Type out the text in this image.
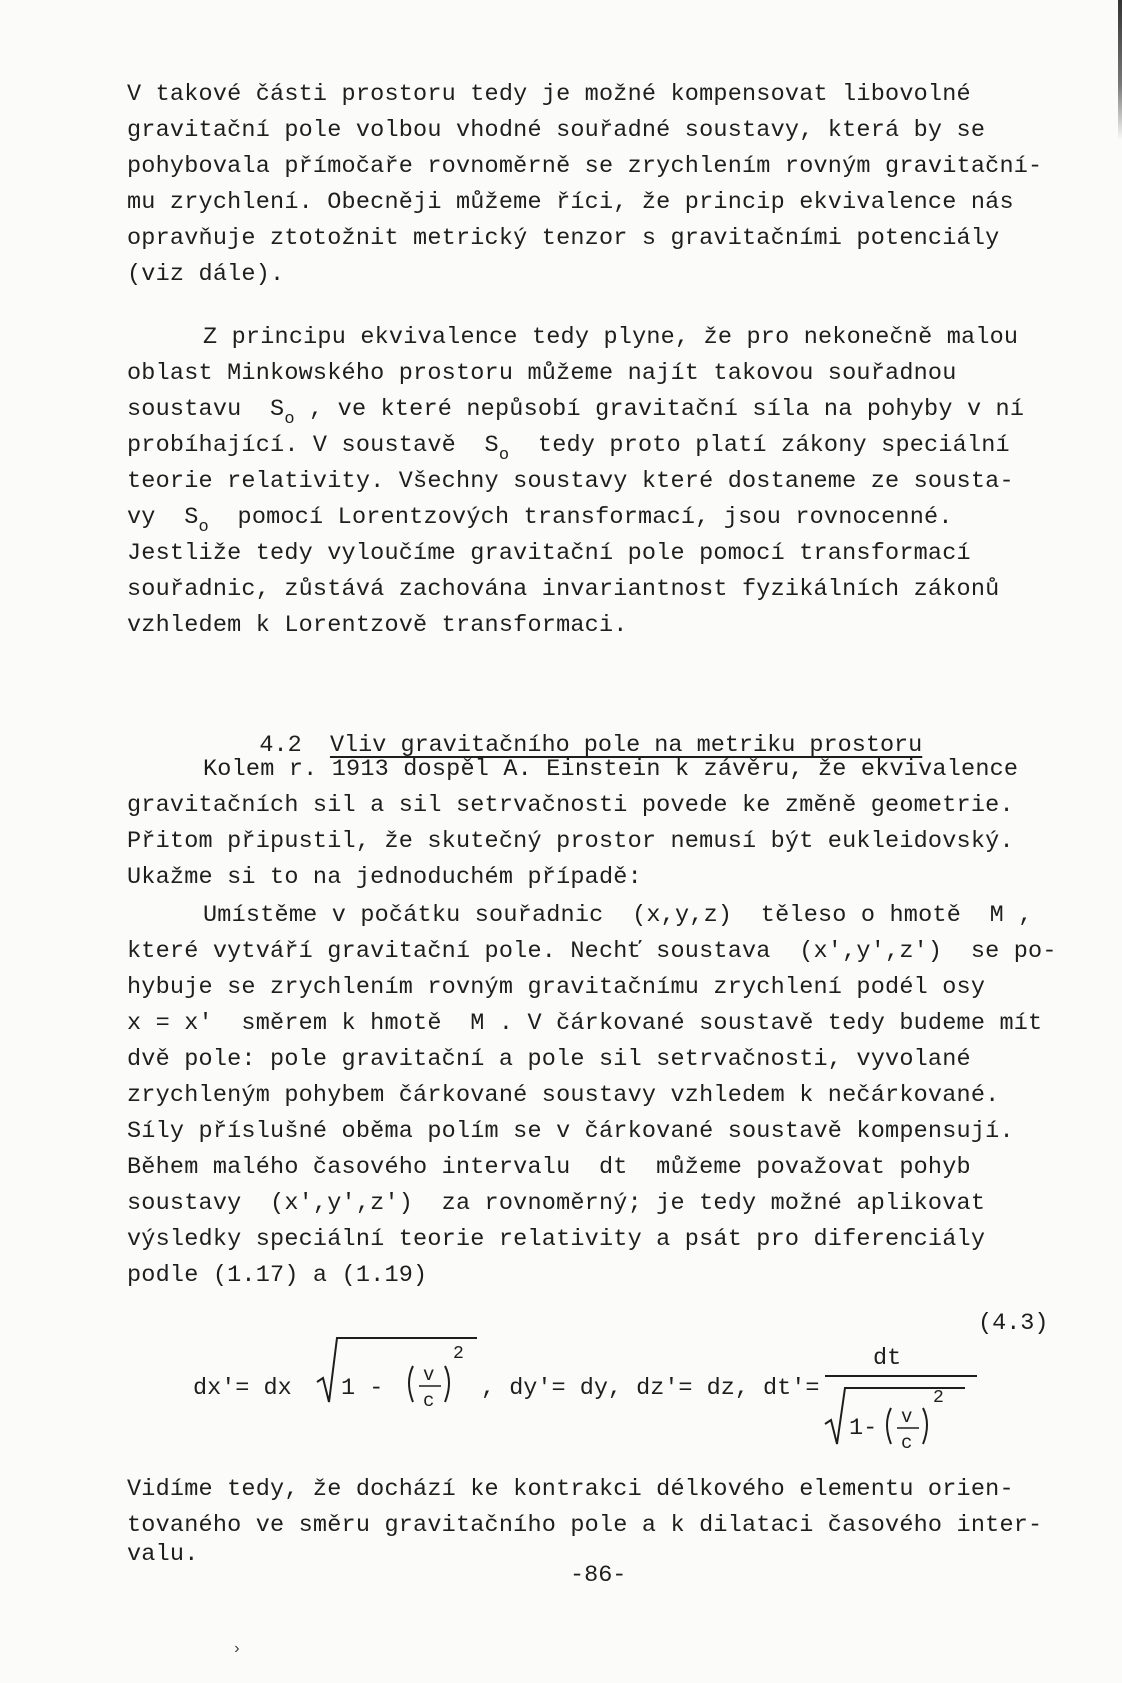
V takové části prostoru tedy je možné kompensovat libovolné
gravitační pole volbou vhodné souřadné soustavy, která by se
pohybovala přímočaře rovnoměrně se zrychlením rovným gravitační-
mu zrychlení. Obecněji můžeme říci, že princip ekvivalence nás
opravňuje ztotožnit metrický tenzor s gravitačními potenciály
(viz dále).
Z principu ekvivalence tedy plyne, že pro nekonečně malou
oblast Minkowského prostoru můžeme najít takovou souřadnou
soustavu  $S_o$ , ve které nepůsobí gravitační síla na pohyby v ní
probíhající. V soustavě  $S_o$  tedy proto platí zákony speciální
teorie relativity. Všechny soustavy které dostaneme ze sousta-
vy  $S_o$  pomocí Lorentzových transformací, jsou rovnocenné.
Jestliže tedy vyloučíme gravitační pole pomocí transformací
souřadnic, zůstává zachována invariantnost fyzikálních zákonů
vzhledem k Lorentzově transformaci.

4.2 Vliv gravitačního pole na metriku prostoru

Kolem r. 1913 dospěl A. Einstein k závěru, že ekvivalence
gravitačních sil a sil setrvačnosti povede ke změně geometrie.
Přitom připustil, že skutečný prostor nemusí být eukleidovský.
Ukažme si to na jednoduchém případě:
Umístěme v počátku souřadnic  (x,y,z)  těleso o hmotě  M ,
které vytváří gravitační pole. Nechť soustava  (x′,y′,z′)  se po-
hybuje se zrychlením rovným gravitačnímu zrychlení podél osy
x = x′  směrem k hmotě  M . V čárkované soustavě tedy budeme mít
dvě pole: pole gravitační a pole sil setrvačnosti, vyvolané
zrychleným pohybem čárkované soustavy vzhledem k nečárkované.
Síly příslušné oběma polím se v čárkované soustavě kompensují.
Během malého časového intervalu  dt  můžeme považovat pohyb
soustavy  (x′,y′,z′)  za rovnoměrný; je tedy možné aplikovat
výsledky speciální teorie relativity a psát pro diferenciály
podle (1.17) a (1.19)
(4.3)
dx′= dx 1 - v
c
2
, dy′= dy, dz′= dz, dt′=
dt
1- v
c
2
Vidíme tedy, že dochází ke kontrakci délkového elementu orien-
tovaného ve směru gravitačního pole a k dilataci časového inter-
valu.
-86-
›
